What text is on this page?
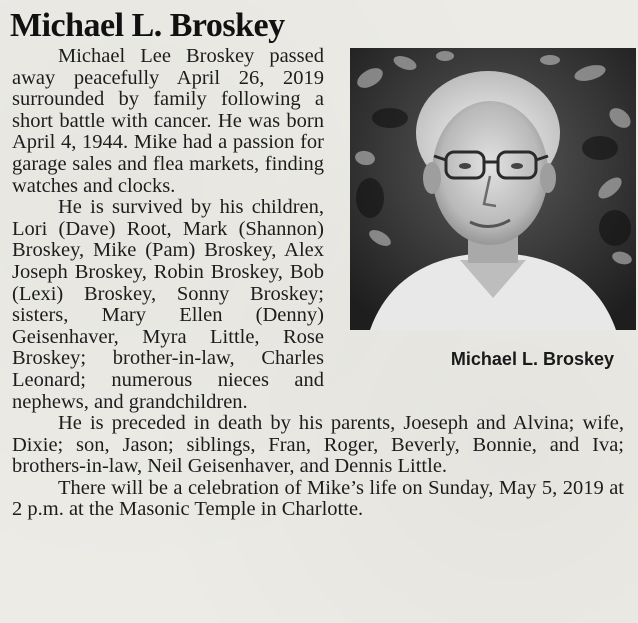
Michael L. Broskey
Michael L. Broskey

Michael Lee Broskey passed away peacefully April 26, 2019 surrounded by family following a short battle with cancer. He was born April 4, 1944. Mike had a passion for garage sales and flea markets, finding watches and clocks.

He is survived by his children, Lori (Dave) Root, Mark (Shannon) Broskey, Mike (Pam) Broskey, Alex Joseph Broskey, Robin Broskey, Bob (Lexi) Broskey, Sonny Broskey; sisters, Mary Ellen (Denny) Geisenhaver, Myra Little, Rose Broskey; brother-in-law, Charles Leonard; numerous nieces and nephews, and grandchildren.

He is preceded in death by his parents, Joeseph and Alvina; wife, Dixie; son, Jason; siblings, Fran, Roger, Beverly, Bonnie, and Iva; brothers-in-law, Neil Geisenhaver, and Dennis Little.

There will be a celebration of Mike’s life on Sunday, May 5, 2019 at 2 p.m. at the Masonic Temple in Charlotte.
